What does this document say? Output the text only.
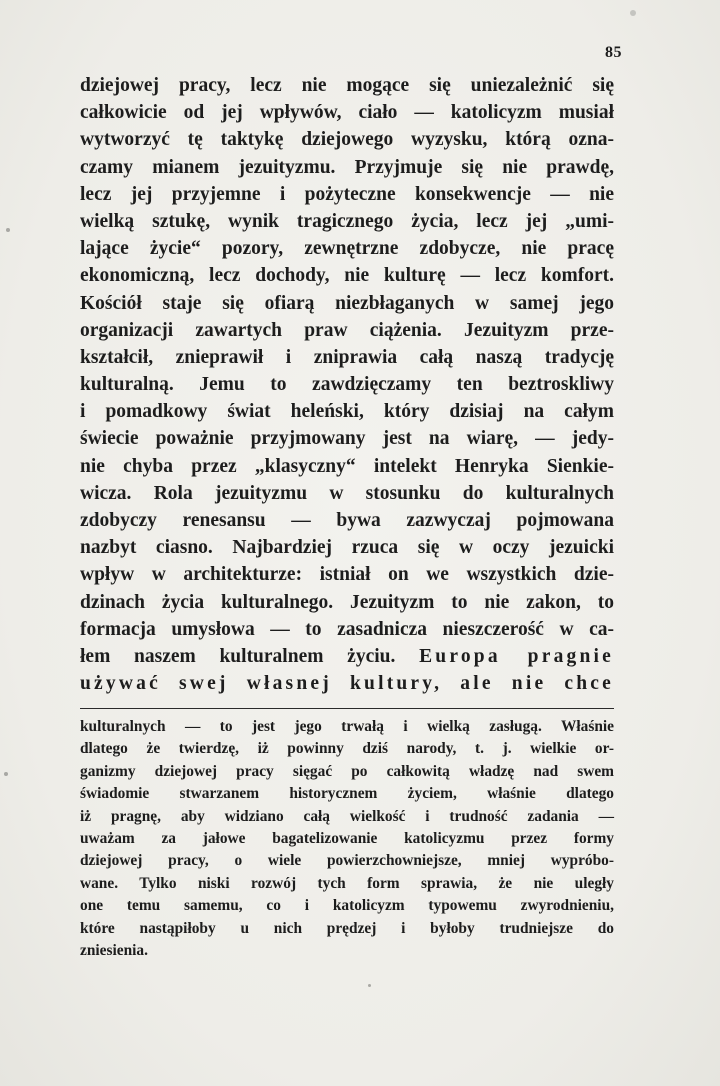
85
dziejowej pracy, lecz nie mogące się uniezależnić się
całkowicie od jej wpływów, ciało — katolicyzm musiał
wytworzyć tę taktykę dziejowego wyzysku, którą ozna-
czamy mianem jezuityzmu. Przyjmuje się nie prawdę,
lecz jej przyjemne i pożyteczne konsekwencje — nie
wielką sztukę, wynik tragicznego życia, lecz jej „umi-
lające życie“ pozory, zewnętrzne zdobycze, nie pracę
ekonomiczną, lecz dochody, nie kulturę — lecz komfort.
Kościół staje się ofiarą niezbłaganych w samej jego
organizacji zawartych praw ciążenia. Jezuityzm prze-
kształcił, znieprawił i zniprawia całą naszą tradycję
kulturalną. Jemu to zawdzięczamy ten beztroskliwy
i pomadkowy świat heleński, który dzisiaj na całym
świecie poważnie przyjmowany jest na wiarę, — jedy-
nie chyba przez „klasyczny“ intelekt Henryka Sienkie-
wicza. Rola jezuityzmu w stosunku do kulturalnych
zdobyczy renesansu — bywa zazwyczaj pojmowana
nazbyt ciasno. Najbardziej rzuca się w oczy jezuicki
wpływ w architekturze: istniał on we wszystkich dzie-
dzinach życia kulturalnego. Jezuityzm to nie zakon, to
formacja umysłowa — to zasadnicza nieszczerość w ca-
łem naszem kulturalnem życiu. Europa pragnie
używać swej własnej kultury, ale nie chce
kulturalnych — to jest jego trwałą i wielką zasługą. Właśnie
dlatego że twierdzę, iż powinny dziś narody, t. j. wielkie or-
ganizmy dziejowej pracy sięgać po całkowitą władzę nad swem
świadomie stwarzanem historycznem życiem, właśnie dlatego
iż pragnę, aby widziano całą wielkość i trudność zadania —
uważam za jałowe bagatelizowanie katolicyzmu przez formy
dziejowej pracy, o wiele powierzchowniejsze, mniej wypróbo-
wane. Tylko niski rozwój tych form sprawia, że nie uległy
one temu samemu, co i katolicyzm typowemu zwyrodnieniu,
które nastąpiłoby u nich prędzej i byłoby trudniejsze do
zniesienia.
